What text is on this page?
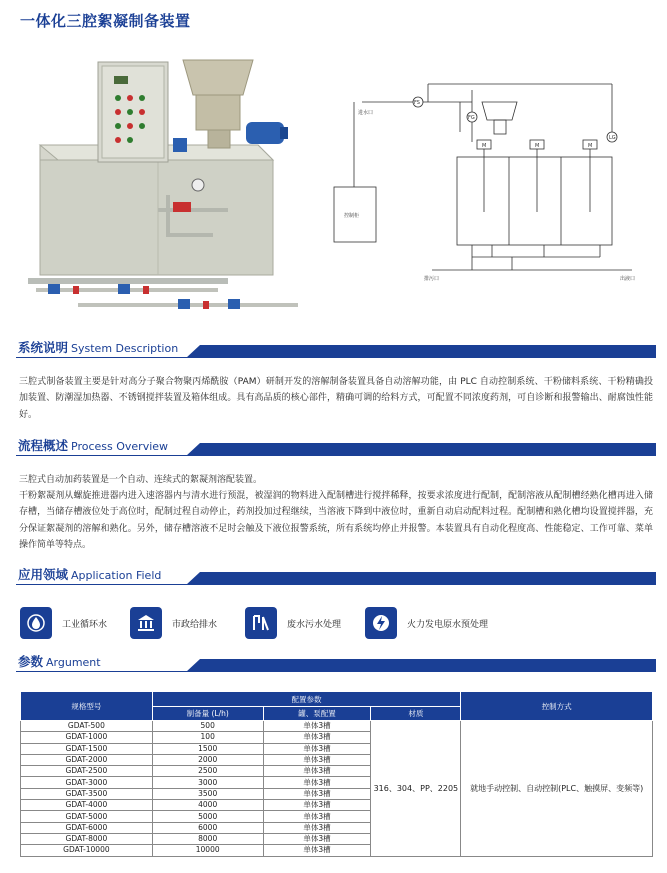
一体化三腔絮凝制备装置
FS
FG
LG
M	M	M
进水口
控制柜
排污口	出液口
系统说明 System Description
三腔式制备装置主要是针对高分子聚合物聚丙烯酰胺（PAM）研制开发的溶解制备装置具备自动溶解功能，由 PLC 自动控制系统、干粉储料系统、干粉精确投加装置、防潮湿加热器、不锈钢搅拌装置及箱体组成。具有高品质的核心部件，精确可调的给料方式，可配置不同浓度药剂，可自诊断和报警输出、耐腐蚀性能好。
流程概述 Process Overview
三腔式自动加药装置是一个自动、连续式的絮凝剂溶配装置。
干粉絮凝剂从螺旋推进器内进入速溶器内与清水进行预混，被湿润的物料进入配制槽进行搅拌稀释，按要求浓度进行配制，配制溶液从配制槽经熟化槽再进入储存槽，当储存槽液位处于高位时，配制过程自动停止，药剂投加过程继续，当溶液下降到中液位时，重新自动启动配料过程。配制槽和熟化槽均设置搅拌器，充分保证絮凝剂的溶解和熟化。另外，储存槽溶液不足时会触及下液位报警系统，所有系统均停止并报警。本装置具有自动化程度高、性能稳定、工作可靠、菜单操作简单等特点。
应用领域 Application Field
工业循环水	市政给排水	废水污水处理	火力发电原水预处理
参数 Argument
规格型号	配置参数			控制方式
	制备量 (L/h)	罐、泵配置	材质	
GDAT-500	500	单体3槽	316、304、PP、2205	就地手动控制、自动控制(PLC、触摸屏、变频等)
GDAT-1000	100	单体3槽		
GDAT-1500	1500	单体3槽		
GDAT-2000	2000	单体3槽		
GDAT-2500	2500	单体3槽		
GDAT-3000	3000	单体3槽		
GDAT-3500	3500	单体3槽		
GDAT-4000	4000	单体3槽		
GDAT-5000	5000	单体3槽		
GDAT-6000	6000	单体3槽		
GDAT-8000	8000	单体3槽		
GDAT-10000	10000	单体3槽		
